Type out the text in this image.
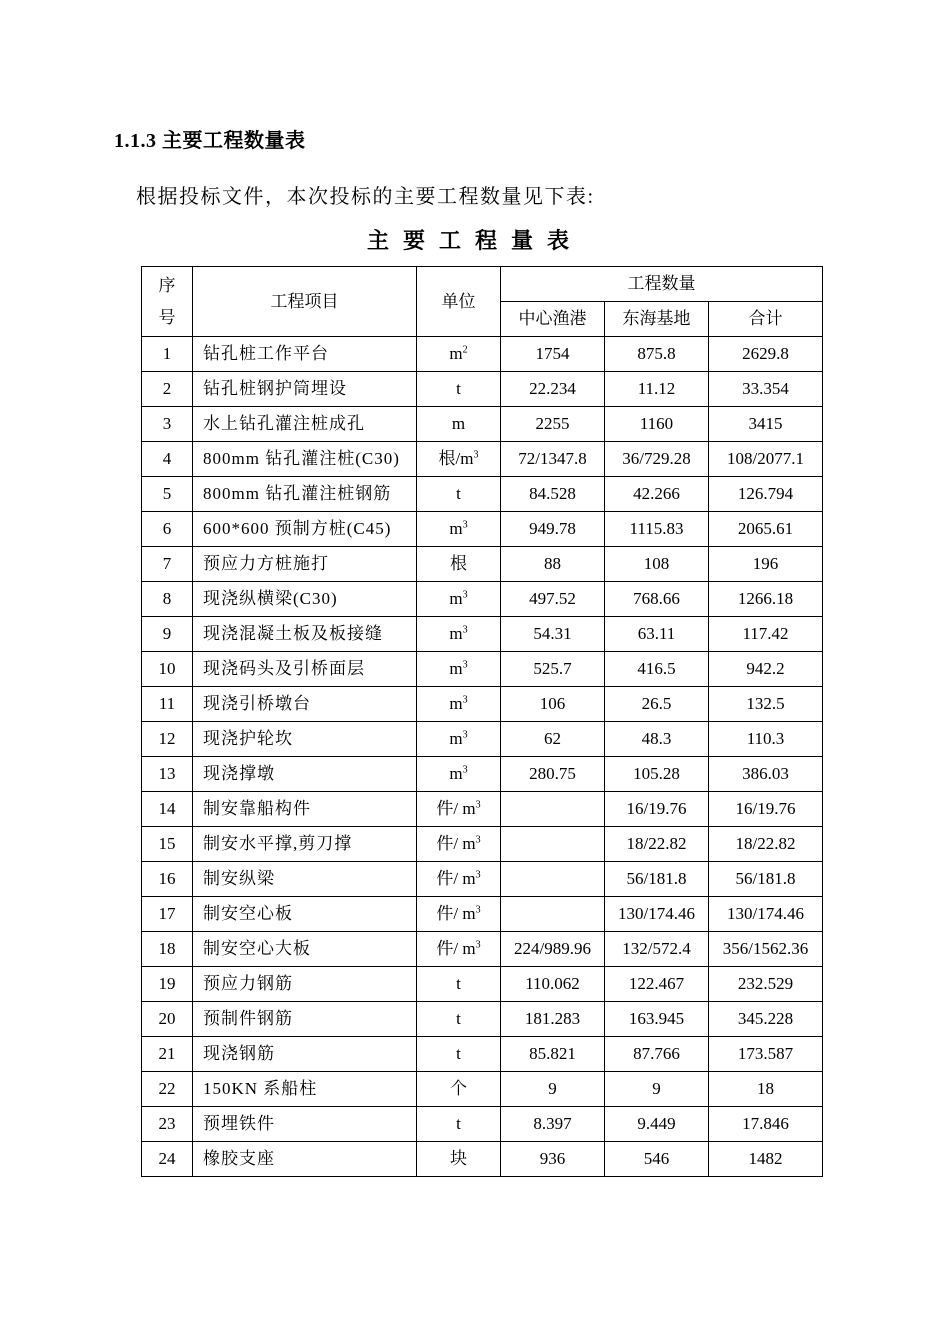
1.1.3 主要工程数量表
根据投标文件，本次投标的主要工程数量见下表:
主要工程量表
序
号	工程项目	单位	工程数量		
			中心渔港	东海基地	合计
1	钻孔桩工作平台	$m^2$	1754	875.8	2629.8
2	钻孔桩钢护筒埋设	t	22.234	11.12	33.354
3	水上钻孔灌注桩成孔	m	2255	1160	3415
4	800mm 钻孔灌注桩(C30)	根$/m^3$	72/1347.8	36/729.28	108/2077.1
5	800mm 钻孔灌注桩钢筋	t	84.528	42.266	126.794
6	600*600 预制方桩(C45)	$m^3$	949.78	1115.83	2065.61
7	预应力方桩施打	根	88	108	196
8	现浇纵横梁(C30)	$m^3$	497.52	768.66	1266.18
9	现浇混凝土板及板接缝	$m^3$	54.31	63.11	117.42
10	现浇码头及引桥面层	$m^3$	525.7	416.5	942.2
11	现浇引桥墩台	$m^3$	106	26.5	132.5
12	现浇护轮坎	$m^3$	62	48.3	110.3
13	现浇撑墩	$m^3$	280.75	105.28	386.03
14	制安靠船构件	件/ $m^3$		16/19.76	16/19.76
15	制安水平撑,剪刀撑	件/ $m^3$		18/22.82	18/22.82
16	制安纵梁	件/ $m^3$		56/181.8	56/181.8
17	制安空心板	件/ $m^3$		130/174.46	130/174.46
18	制安空心大板	件/ $m^3$	224/989.96	132/572.4	356/1562.36
19	预应力钢筋	t	110.062	122.467	232.529
20	预制件钢筋	t	181.283	163.945	345.228
21	现浇钢筋	t	85.821	87.766	173.587
22	150KN 系船柱	个	9	9	18
23	预埋铁件	t	8.397	9.449	17.846
24	橡胶支座	块	936	546	1482
